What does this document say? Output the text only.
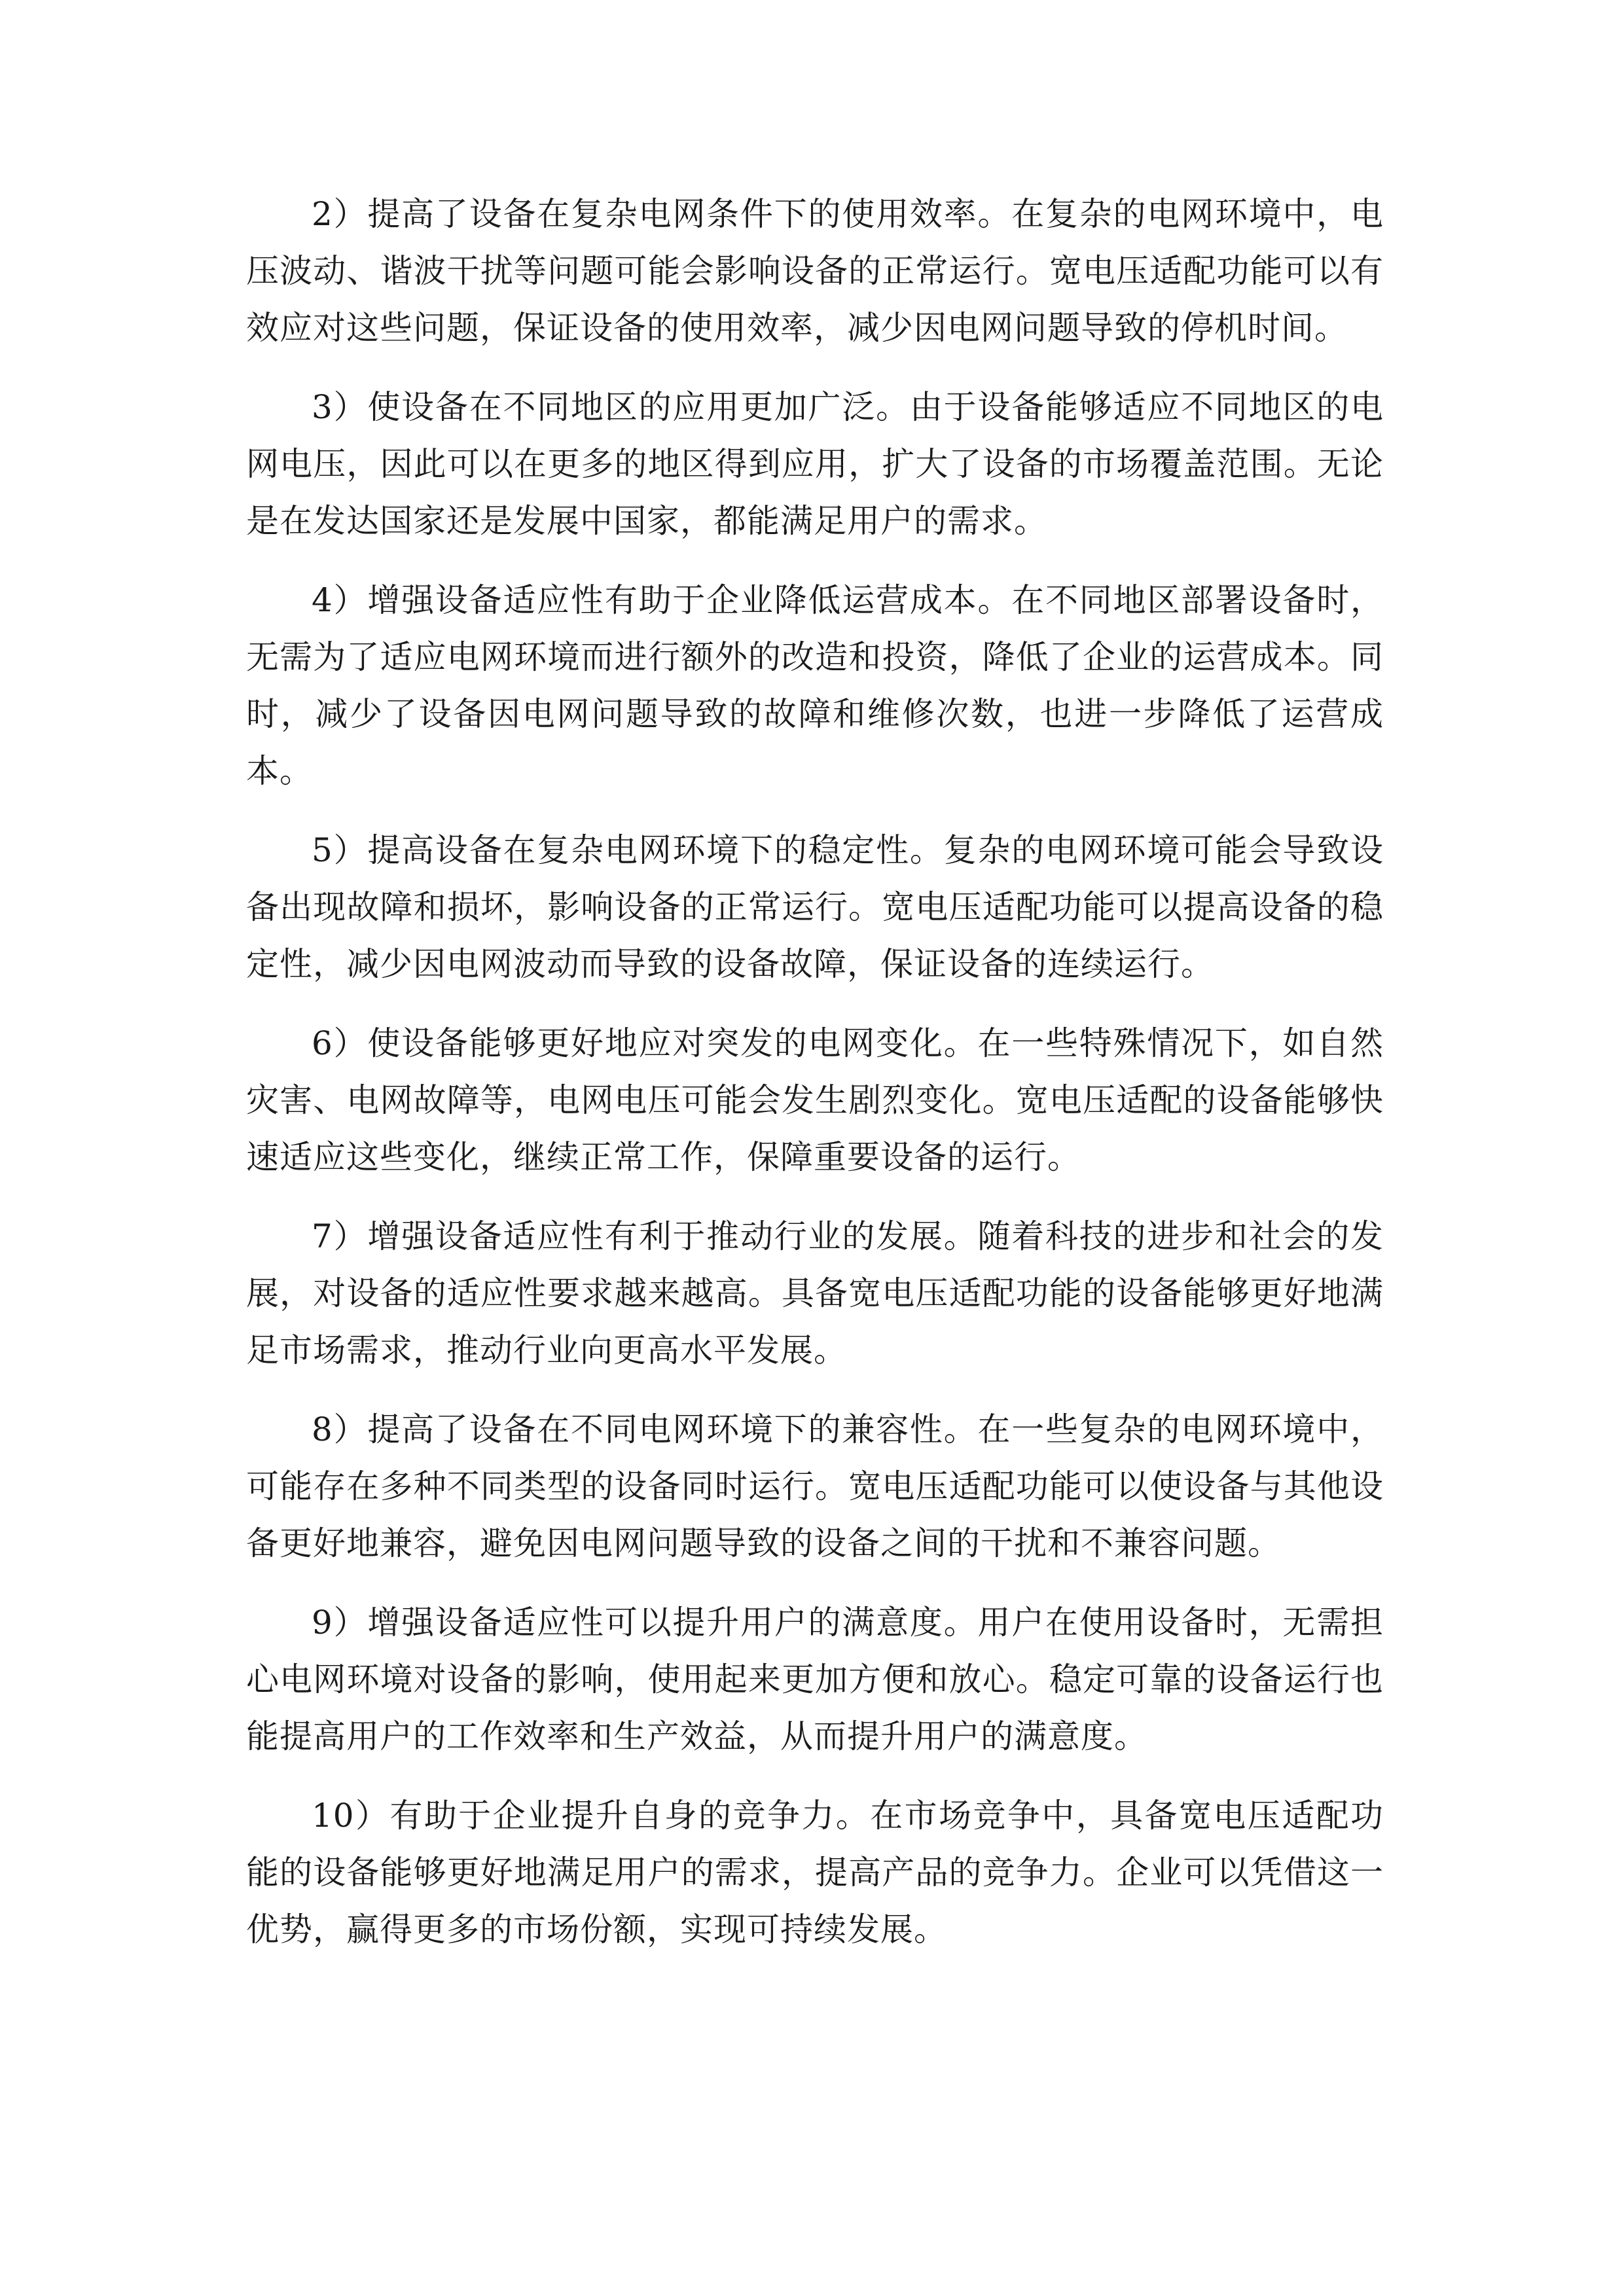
2）提高了设备在复杂电网条件下的使用效率。在复杂的电网环境中，电压波动、谐波干扰等问题可能会影响设备的正常运行。宽电压适配功能可以有效应对这些问题，保证设备的使用效率，减少因电网问题导致的停机时间。

3）使设备在不同地区的应用更加广泛。由于设备能够适应不同地区的电网电压，因此可以在更多的地区得到应用，扩大了设备的市场覆盖范围。无论是在发达国家还是发展中国家，都能满足用户的需求。

4）增强设备适应性有助于企业降低运营成本。在不同地区部署设备时，无需为了适应电网环境而进行额外的改造和投资，降低了企业的运营成本。同时，减少了设备因电网问题导致的故障和维修次数，也进一步降低了运营成本。

5）提高设备在复杂电网环境下的稳定性。复杂的电网环境可能会导致设备出现故障和损坏，影响设备的正常运行。宽电压适配功能可以提高设备的稳定性，减少因电网波动而导致的设备故障，保证设备的连续运行。

6）使设备能够更好地应对突发的电网变化。在一些特殊情况下，如自然灾害、电网故障等，电网电压可能会发生剧烈变化。宽电压适配的设备能够快速适应这些变化，继续正常工作，保障重要设备的运行。

7）增强设备适应性有利于推动行业的发展。随着科技的进步和社会的发展，对设备的适应性要求越来越高。具备宽电压适配功能的设备能够更好地满足市场需求，推动行业向更高水平发展。

8）提高了设备在不同电网环境下的兼容性。在一些复杂的电网环境中，可能存在多种不同类型的设备同时运行。宽电压适配功能可以使设备与其他设备更好地兼容，避免因电网问题导致的设备之间的干扰和不兼容问题。

9）增强设备适应性可以提升用户的满意度。用户在使用设备时，无需担心电网环境对设备的影响，使用起来更加方便和放心。稳定可靠的设备运行也能提高用户的工作效率和生产效益，从而提升用户的满意度。

10）有助于企业提升自身的竞争力。在市场竞争中，具备宽电压适配功能的设备能够更好地满足用户的需求，提高产品的竞争力。企业可以凭借这一优势，赢得更多的市场份额，实现可持续发展。
